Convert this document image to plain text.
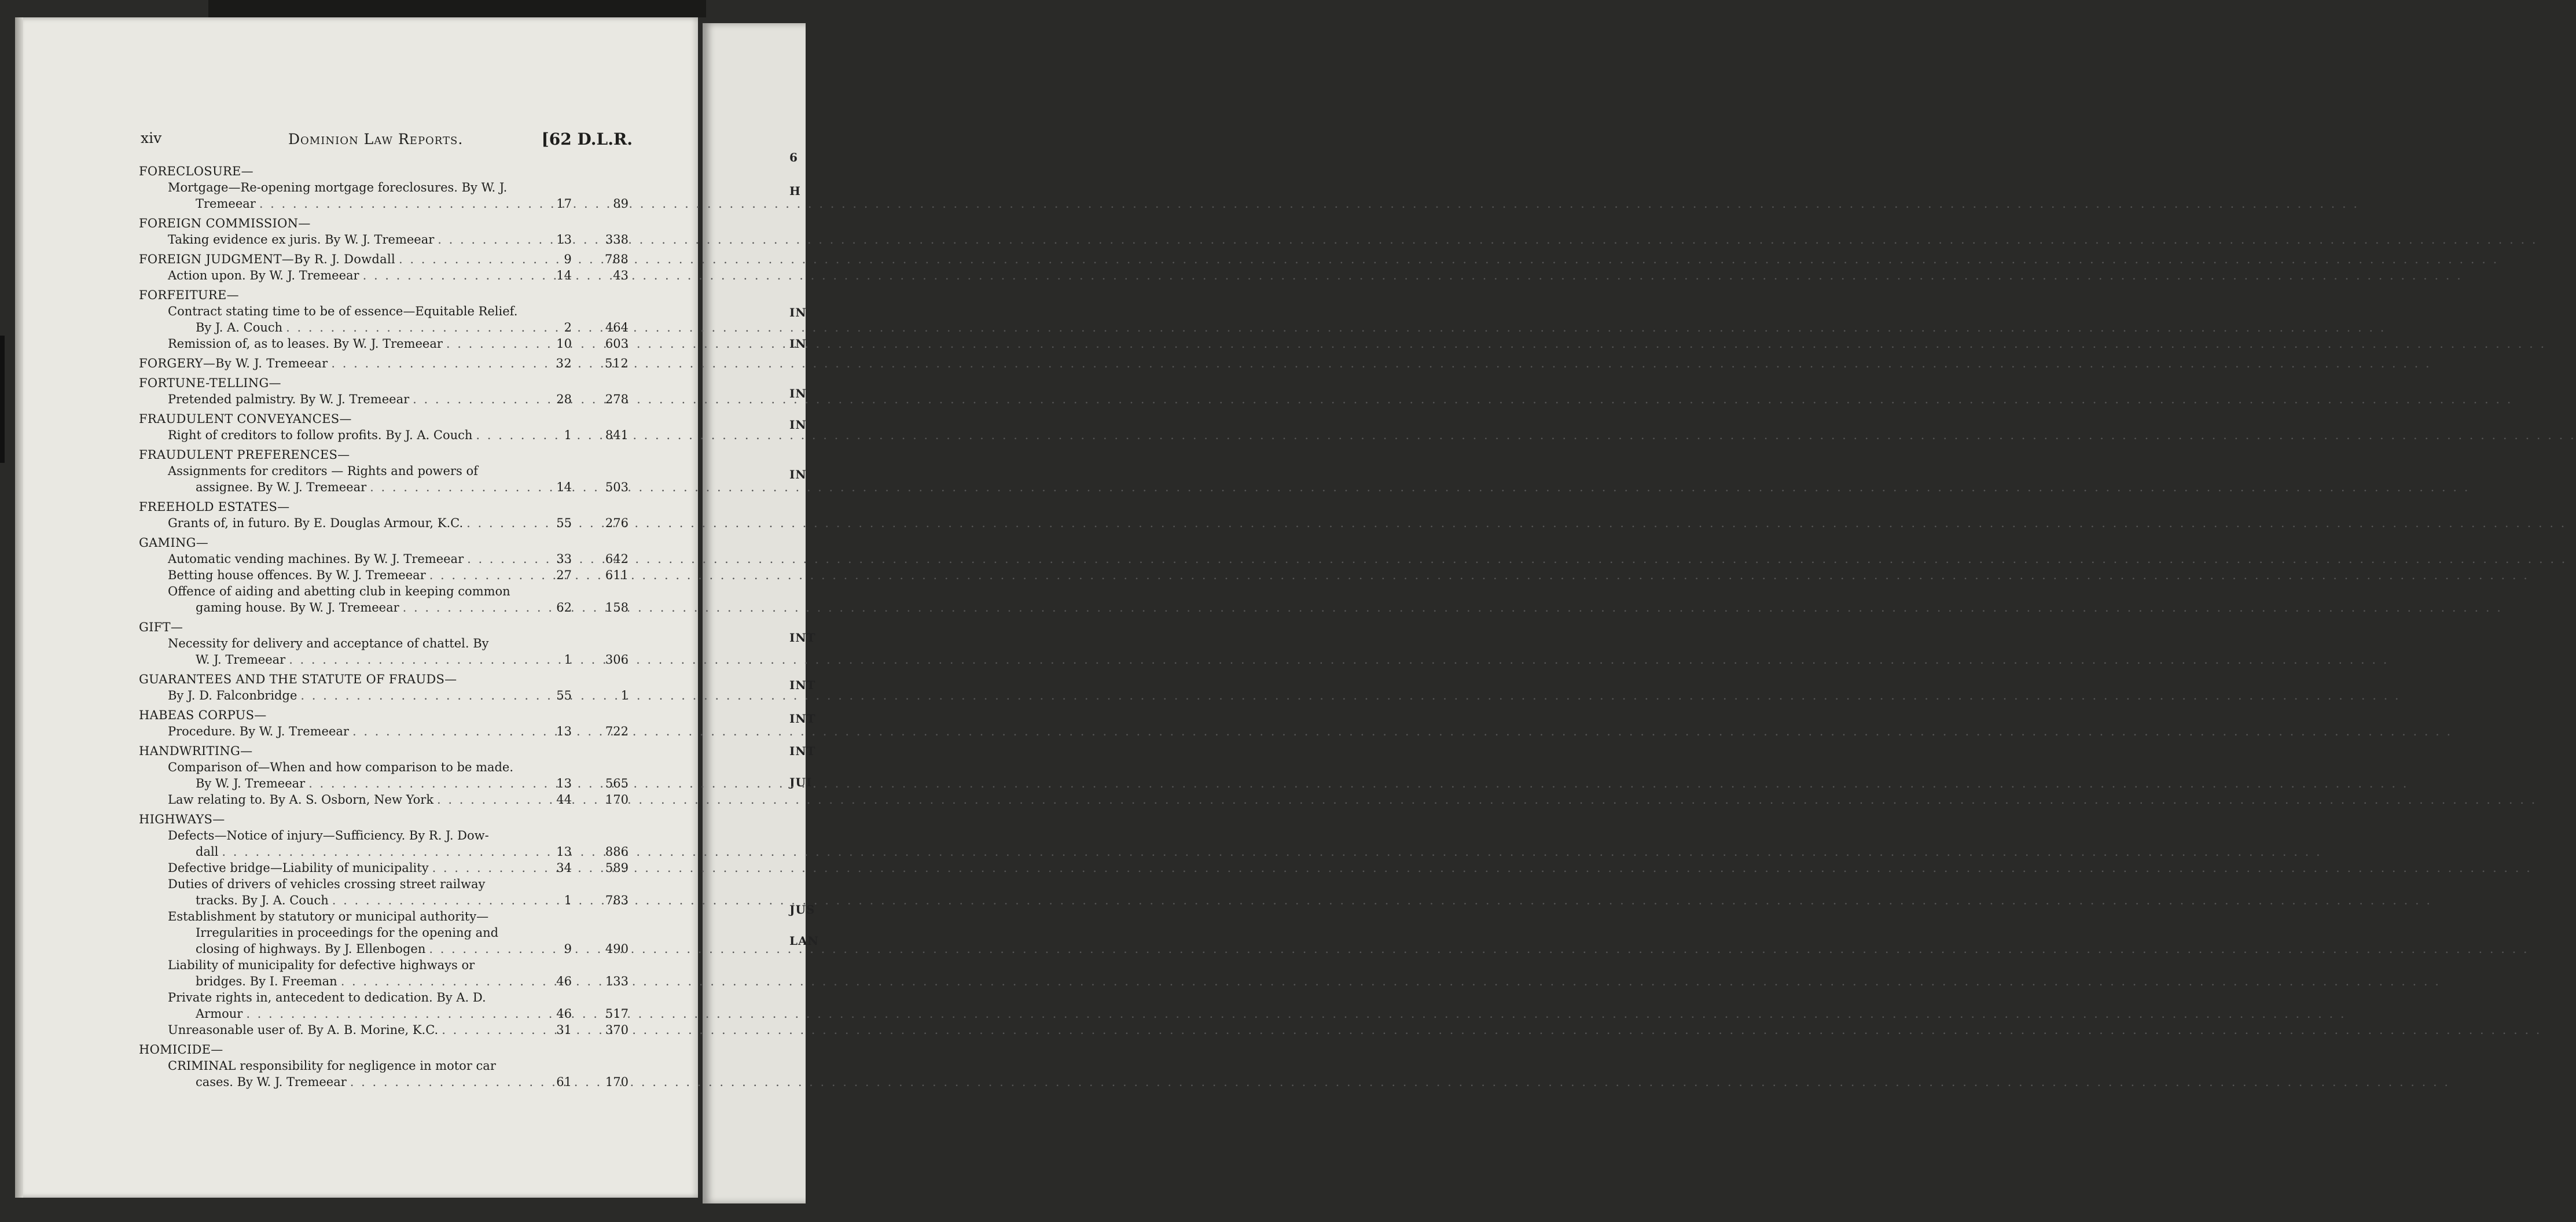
6
H
IN
IN
IN
IN
IN
INT
INT
INT
INT
JUI
JUS
LAN
xiv	Dominion Law Reports.	[62 D.L.R.
FORECLOSURE—
Mortgage—Re-opening mortgage foreclosures. By W. J.
Tremeear . . .	17	89
FOREIGN COMMISSION—
Taking evidence ex juris. By W. J. Tremeear . . .	13	338
FOREIGN JUDGMENT—By R. J. Dowdall . . .	9	788
Action upon. By W. J. Tremeear . . .	14	43
FORFEITURE—
Contract stating time to be of essence—Equitable Relief.
By J. A. Couch . . .	2	464
Remission of, as to leases. By W. J. Tremeear . . .	10	603
FORGERY—By W. J. Tremeear . . .	32	512
FORTUNE-TELLING—
Pretended palmistry. By W. J. Tremeear . . .	28	278
FRAUDULENT CONVEYANCES—
Right of creditors to follow profits. By J. A. Couch . . .	1	841
FRAUDULENT PREFERENCES—
Assignments for creditors — Rights and powers of
assignee. By W. J. Tremeear . . .	14	503
FREEHOLD ESTATES—
Grants of, in futuro. By E. Douglas Armour, K.C. . . .	55	276
GAMING—
Automatic vending machines. By W. J. Tremeear . . .	33	642
Betting house offences. By W. J. Tremeear . . .	27	611
Offence of aiding and abetting club in keeping common
gaming house. By W. J. Tremeear . . .	62	158
GIFT—
Necessity for delivery and acceptance of chattel. By
W. J. Tremeear . . .	1	306
GUARANTEES AND THE STATUTE OF FRAUDS—
By J. D. Falconbridge . . .	55	1
HABEAS CORPUS—
Procedure. By W. J. Tremeear . . .	13	722
HANDWRITING—
Comparison of—When and how comparison to be made.
By W. J. Tremeear . . .	13	565
Law relating to. By A. S. Osborn, New York . . .	44	170
HIGHWAYS—
Defects—Notice of injury—Sufficiency. By R. J. Dow-
dall . . .	13	886
Defective bridge—Liability of municipality . . .	34	589
Duties of drivers of vehicles crossing street railway
tracks. By J. A. Couch . . .	1	783
Establishment by statutory or municipal authority—
Irregularities in proceedings for the opening and
closing of highways. By J. Ellenbogen . . .	9	490
Liability of municipality for defective highways or
bridges. By I. Freeman . . .	46	133
Private rights in, antecedent to dedication. By A. D.
Armour . . .	46	517
Unreasonable user of. By A. B. Morine, K.C. . . .	31	370
HOMICIDE—
CRIMINAL responsibility for negligence in motor car
cases. By W. J. Tremeear . . .	61	170
